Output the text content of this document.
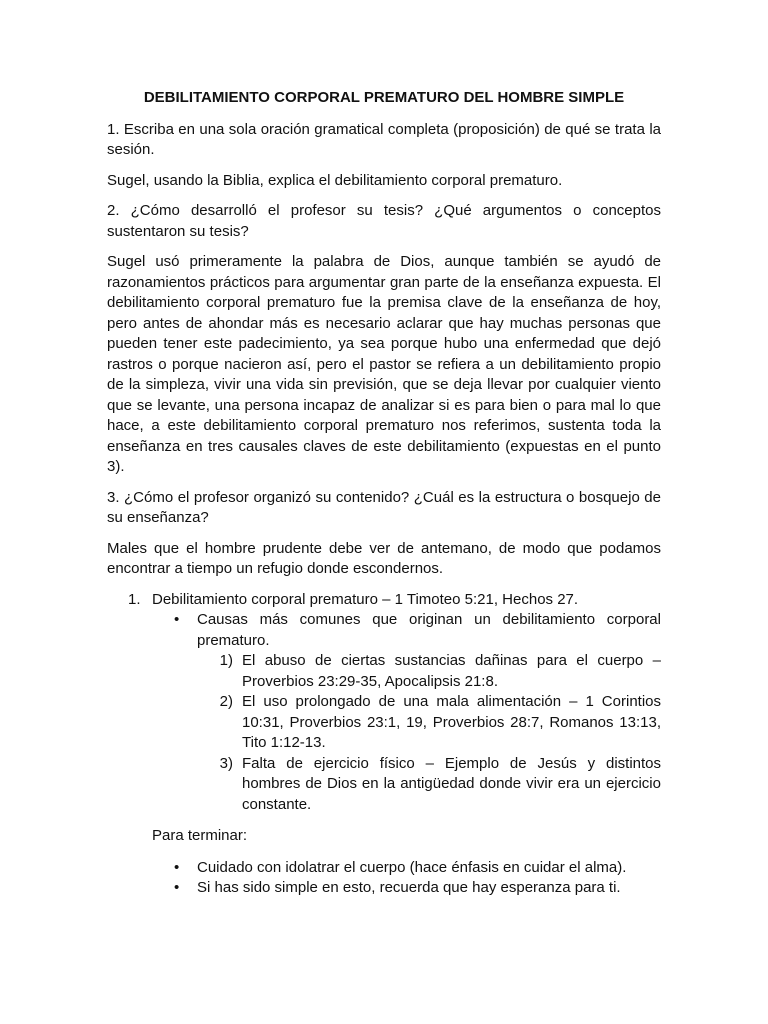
DEBILITAMIENTO CORPORAL PREMATURO DEL HOMBRE SIMPLE

1. Escriba en una sola oración gramatical completa (proposición) de qué se trata la sesión.

Sugel, usando la Biblia, explica el debilitamiento corporal prematuro.

2. ¿Cómo desarrolló el profesor su tesis? ¿Qué argumentos o conceptos sustentaron su tesis?

Sugel usó primeramente la palabra de Dios, aunque también se ayudó de razonamientos prácticos para argumentar gran parte de la enseñanza expuesta. El debilitamiento corporal prematuro fue la premisa clave de la enseñanza de hoy, pero antes de ahondar más es necesario aclarar que hay muchas personas que pueden tener este padecimiento, ya sea porque hubo una enfermedad que dejó rastros o porque nacieron así, pero el pastor se refiera a un debilitamiento propio de la simpleza, vivir una vida sin previsión, que se deja llevar por cualquier viento que se levante, una persona incapaz de analizar si es para bien o para mal lo que hace, a este debilitamiento corporal prematuro nos referimos, sustenta toda la enseñanza en tres causales claves de este debilitamiento (expuestas en el punto 3).

3. ¿Cómo el profesor organizó su contenido? ¿Cuál es la estructura o bosquejo de su enseñanza?

Males que el hombre prudente debe ver de antemano, de modo que podamos encontrar a tiempo un refugio donde escondernos.

1. Debilitamiento corporal prematuro – 1 Timoteo 5:21, Hechos 27.
•	Causas más comunes que originan un debilitamiento corporal prematuro.
1) El abuso de ciertas sustancias dañinas para el cuerpo – Proverbios 23:29-35, Apocalipsis 21:8.
2) El uso prolongado de una mala alimentación – 1 Corintios 10:31, Proverbios 23:1, 19, Proverbios 28:7, Romanos 13:13, Tito 1:12-13.
3) Falta de ejercicio físico – Ejemplo de Jesús y distintos hombres de Dios en la antigüedad donde vivir era un ejercicio constante.
Para terminar:
•	Cuidado con idolatrar el cuerpo (hace énfasis en cuidar el alma).
•	Si has sido simple en esto, recuerda que hay esperanza para ti.
